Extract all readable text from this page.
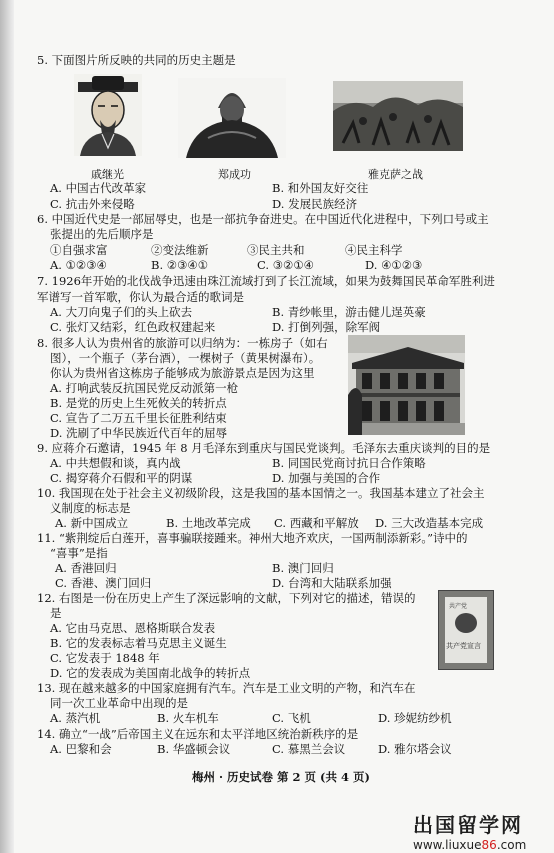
5. 下面图片所反映的共同的历史主题是
戚继光	郑成功	雅克萨之战
A. 中国古代改革家	B. 和外国友好交往
C. 抗击外来侵略	D. 发展民族经济
6. 中国近代史是一部屈辱史，也是一部抗争奋进史。在中国近代化进程中，下列口号或主
张提出的先后顺序是
①自强求富	②变法维新	③民主共和	④民主科学
A. ①②③④	B. ②③④①	C. ③②①④	D. ④①②③
7. 1926年开始的北伐战争迅速由珠江流域打到了长江流域，如果为鼓舞国民革命军胜利进
军谱写一首军歌，你认为最合适的歌词是
A. 大刀向鬼子们的头上砍去	B. 青纱帐里，游击健儿逞英豪
C. 张灯又结彩，红色政权建起来	D. 打倒列强，除军阀
8. 很多人认为贵州省的旅游可以归纳为：一栋房子（如右
图），一个瓶子（茅台酒），一棵树子（黄果树瀑布）。
你认为贵州省这栋房子能够成为旅游景点是因为这里
A. 打响武装反抗国民党反动派第一枪
B. 是党的历史上生死攸关的转折点
C. 宣告了二万五千里长征胜利结束
D. 洗刷了中华民族近代百年的屈辱
9. 应蒋介石邀请，1945 年 8 月毛泽东到重庆与国民党谈判。毛泽东去重庆谈判的目的是
A. 中共想假和谈，真内战	B. 同国民党商讨抗日合作策略
C. 揭穿蒋介石假和平的阴谋	D. 加强与美国的合作
10. 我国现在处于社会主义初级阶段，这是我国的基本国情之一。我国基本建立了社会主
义制度的标志是
A. 新中国成立	B. 土地改革完成 C. 西藏和平解放 D. 三大改造基本完成
11. “紫荆绽后白莲开，喜事骗联接踵来。神州大地齐欢庆，一国两制添新彩。”诗中的
“喜事”是指
A. 香港回归	B. 澳门回归
C. 香港、澳门回归	D. 台湾和大陆联系加强
12. 右图是一份在历史上产生了深远影响的文献，下列对它的描述，错误的
是
A. 它由马克思、恩格斯联合发表
B. 它的发表标志着马克思主义诞生
C. 它发表于 1848 年
D. 它的发表成为美国南北战争的转折点
共产党
共产党宣言
13. 现在越来越多的中国家庭拥有汽车。汽车是工业文明的产物，和汽车在
同一次工业革命中出现的是
A. 蒸汽机	B. 火车机车	C. 飞机	D. 珍妮纺纱机
14. 确立“一战”后帝国主义在远东和太平洋地区统治新秩序的是
A. 巴黎和会	B. 华盛顿会议	C. 慕黑兰会议	D. 雅尔塔会议
梅州 · 历史试卷 第 2 页 (共 4 页)
出国留学网
www.liuxue86.com
